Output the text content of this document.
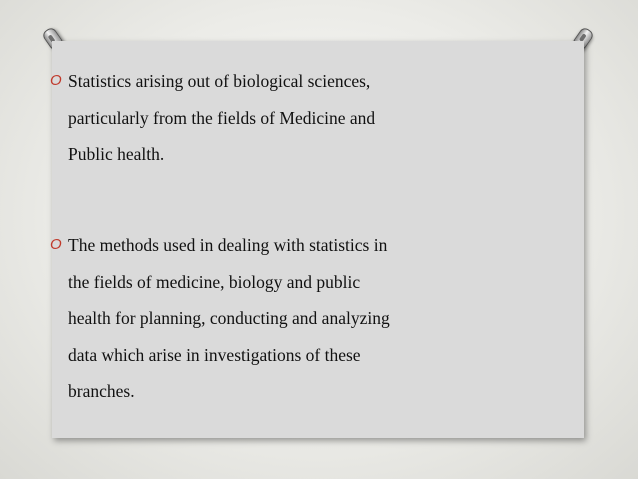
O Statistics arising out of biological sciences,
particularly from the fields of Medicine and
Public health.
O The methods used in dealing with statistics in
the fields of medicine, biology and public
health for planning, conducting and analyzing
data which arise in investigations of these
branches.
